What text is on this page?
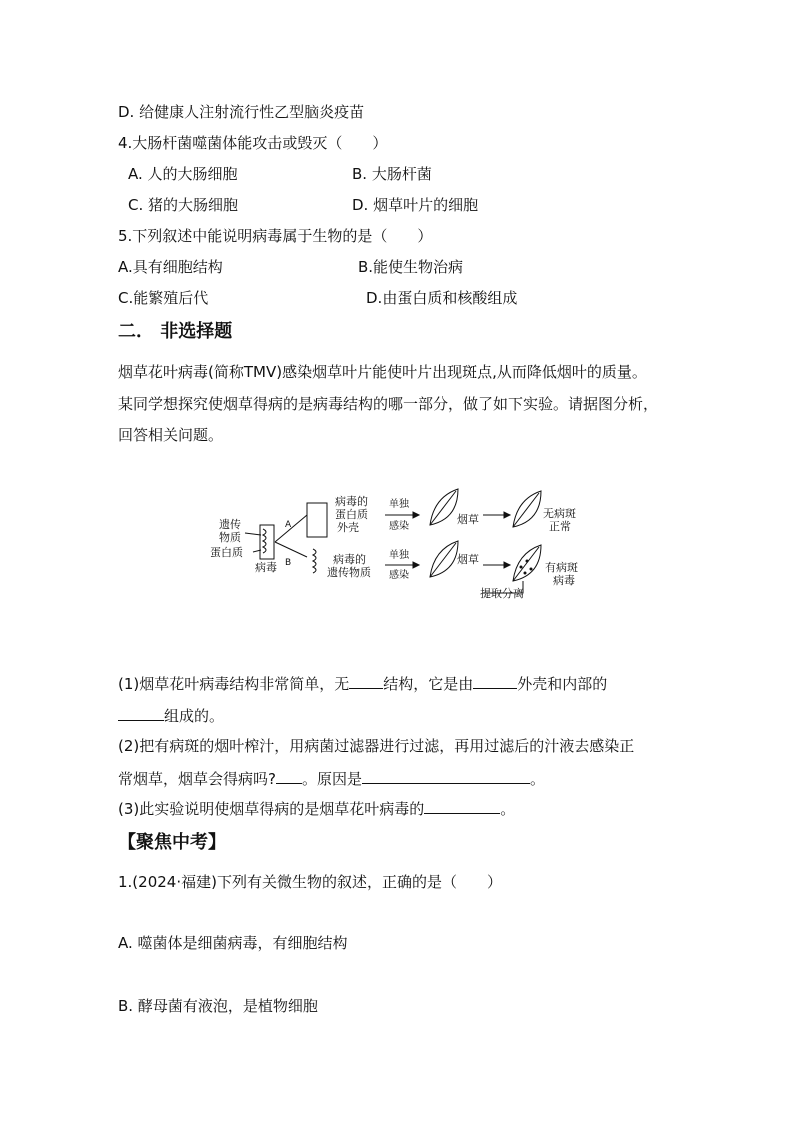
D. 给健康人注射流行性乙型脑炎疫苗
4.大肠杆菌噬菌体能攻击或毁灭（　　）
A. 人的大肠细胞	B. 大肠杆菌
C. 猪的大肠细胞	D. 烟草叶片的细胞
5.下列叙述中能说明病毒属于生物的是（　　）
A.具有细胞结构	B.能使生物治病
C.能繁殖后代	D.由蛋白质和核酸组成
二． 非选择题
烟草花叶病毒(简称TMV)感染烟草叶片能使叶片出现斑点,从而降低烟叶的质量。
某同学想探究使烟草得病的是病毒结构的哪一部分，做了如下实验。请据图分析，
回答相关问题。
遗传
物质
蛋白质
病毒
A
B
病毒的
蛋白质
外壳
病毒的
遗传物质
单独
感染
单独
感染
烟草
烟草
无病斑
正常
有病斑
病毒
提取分离
(1)烟草花叶病毒结构非常简单，无 结构，它是由	外壳和内部的
组成的。
(2)把有病斑的烟叶榨汁，用病菌过滤器进行过滤，再用过滤后的汁液去感染正
常烟草，烟草会得病吗? 。原因是	。
(3)此实验说明使烟草得病的是烟草花叶病毒的	。
【聚焦中考】
1.(2024·福建)下列有关微生物的叙述，正确的是（　　）
A. 噬菌体是细菌病毒，有细胞结构
B. 酵母菌有液泡，是植物细胞
